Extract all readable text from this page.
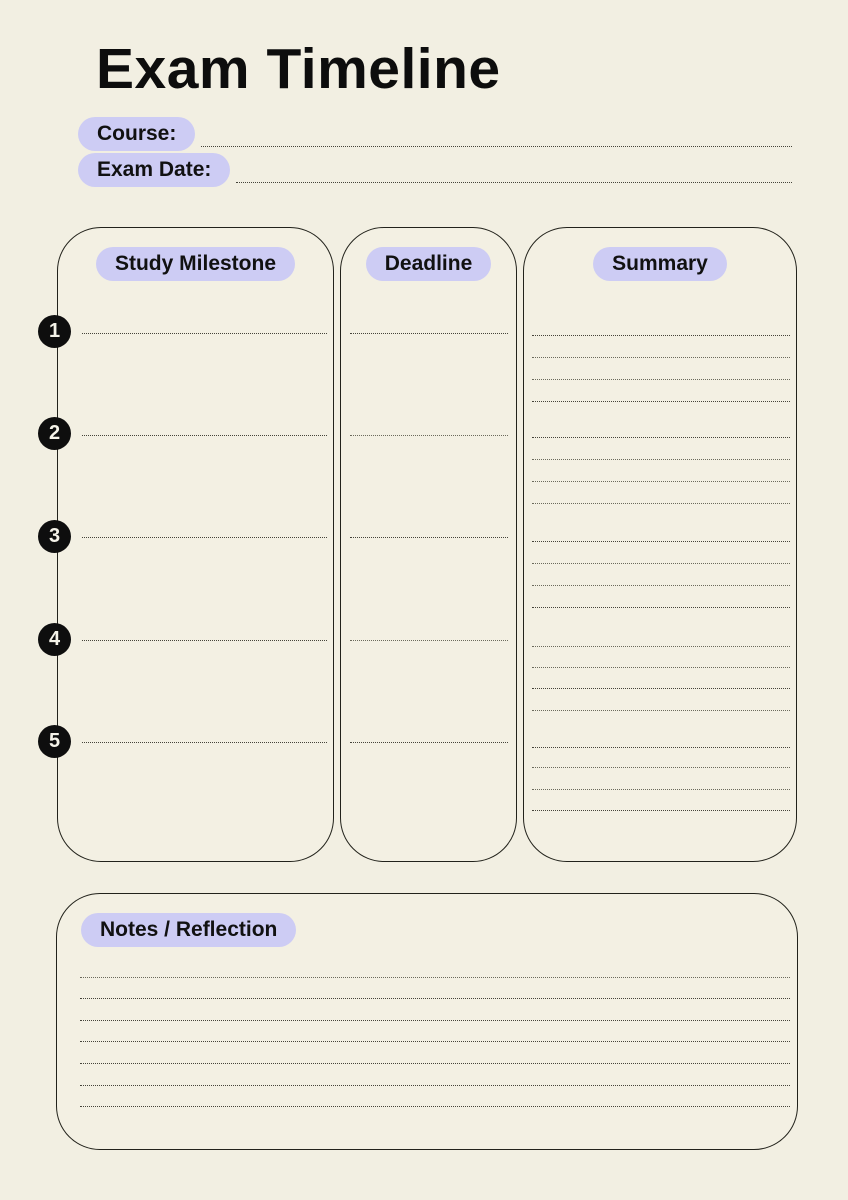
Exam Timeline
Course:
Exam Date:
Study Milestone	Deadline	Summary
1
2
3
4
5
Notes / Reflection
